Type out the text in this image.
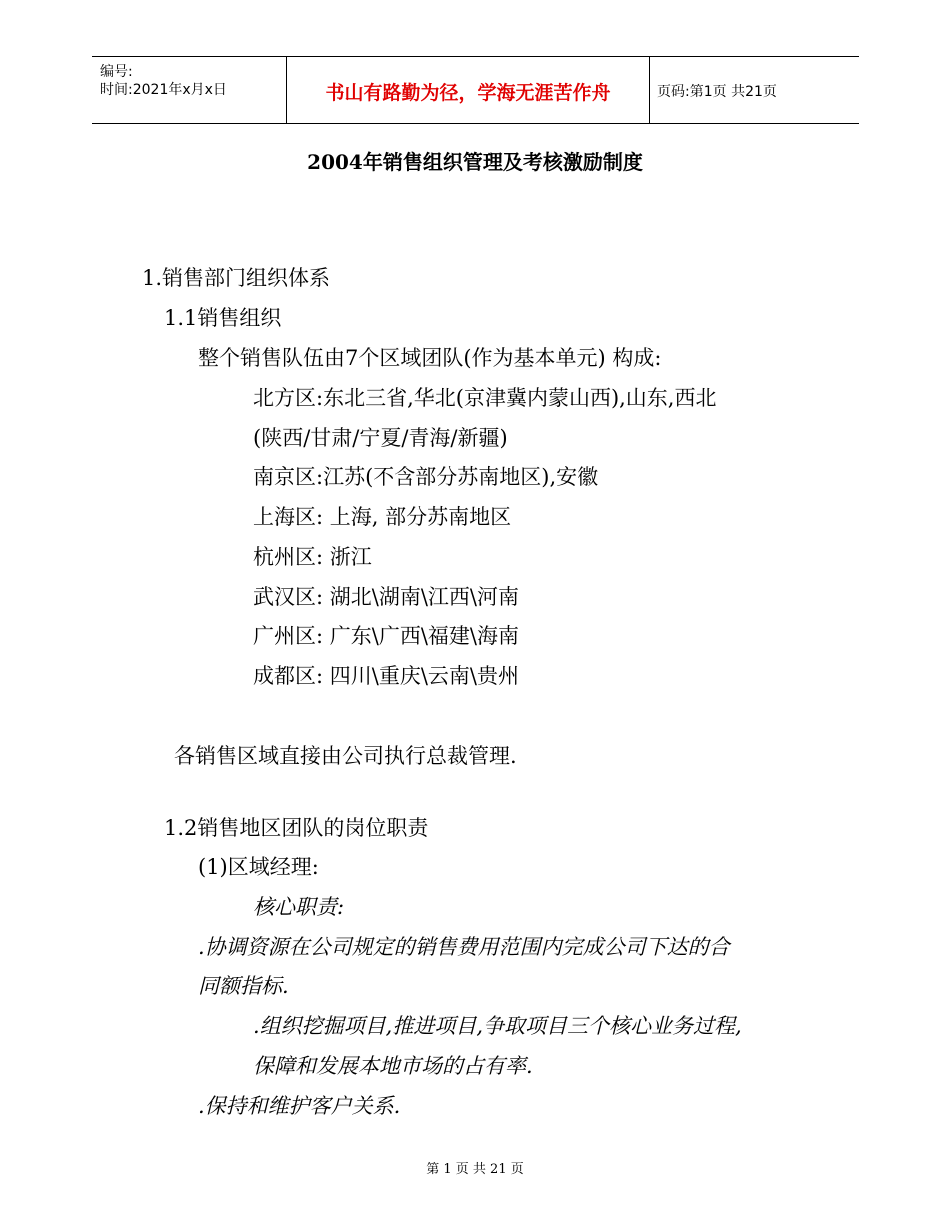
编号:
时间:2021年x月x日	书山有路勤为径，学海无涯苦作舟	页码:第1页 共21页
2004年销售组织管理及考核激励制度
1.销售部门组织体系
1.1销售组织
整个销售队伍由7个区域团队(作为基本单元) 构成:
北方区:东北三省,华北(京津冀内蒙山西),山东,西北
(陕西/甘肃/宁夏/青海/新疆)
南京区:江苏(不含部分苏南地区),安徽
上海区: 上海, 部分苏南地区
杭州区: 浙江
武汉区: 湖北\湖南\江西\河南
广州区: 广东\广西\福建\海南
成都区: 四川\重庆\云南\贵州
各销售区域直接由公司执行总裁管理.
1.2销售地区团队的岗位职责
(1)区域经理:
核心职责:
.协调资源在公司规定的销售费用范围内完成公司下达的合
同额指标.
.组织挖掘项目,推进项目,争取项目三个核心业务过程,
保障和发展本地市场的占有率.
.保持和维护客户关系.
第 1 页 共 21 页
